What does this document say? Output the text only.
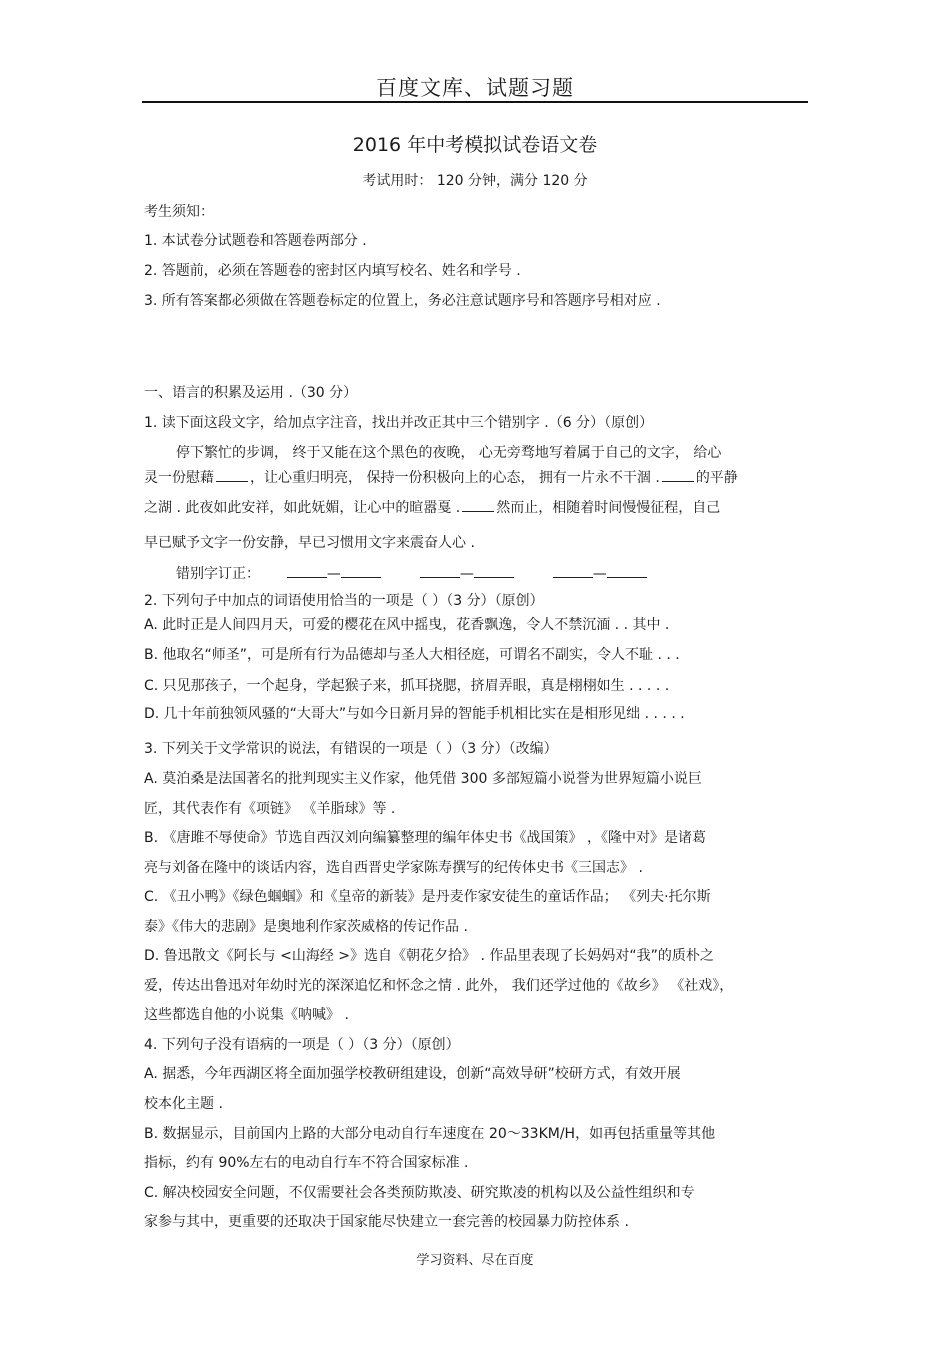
百度文库、试题习题
2016 年中考模拟试卷语文卷
考试用时： 120 分钟，满分 120 分
考生须知：
1. 本试卷分试题卷和答题卷两部分 .
2. 答题前，必须在答题卷的密封区内填写校名、姓名和学号 .
3. 所有答案都必须做在答题卷标定的位置上，务必注意试题序号和答题序号相对应 .
一、语言的积累及运用 .（30 分）
1. 读下面这段文字，给加点字注音，找出并改正其中三个错别字 .（6 分）（原创）
停下繁忙的步调， 终于又能在这个黑色的夜晚， 心无旁骛地写着属于自己的文字， 给心
灵一份慰藉	，让心重归明亮， 保持一份积极向上的心态， 拥有一片永不干涸 .	的平静
之湖 . 此夜如此安祥，如此妩媚，让心中的暄嚣戛 .	然而止，相随着时间慢慢征程，自己
早已赋予文字一份安静，早已习惯用文字来震奋人心 .
错别字订正：	—	—	—
2. 下列句子中加点的词语使用恰当的一项是（ ）（3 分）（原创）
A. 此时正是人间四月天，可爱的樱花在风中摇曳，花香飘逸，令人不禁沉湎 . . 其中 .
B. 他取名“师圣”，可是所有行为品德却与圣人大相径庭，可谓名不副实，令人不耻 . . .
C. 只见那孩子，一个起身，学起猴子来，抓耳挠腮，挤眉弄眼，真是栩栩如生 . . . . .
D. 几十年前独领风骚的“大哥大”与如今日新月异的智能手机相比实在是相形见绌 . . . . .
3. 下列关于文学常识的说法，有错误的一项是（ ）（3 分）（改编）
A. 莫泊桑是法国著名的批判现实主义作家，他凭借 300 多部短篇小说誉为世界短篇小说巨
匠，其代表作有《项链》 《羊脂球》等 .
B. 《唐雎不辱使命》节选自西汉刘向编纂整理的编年体史书《战国策》 ，《隆中对》是诸葛
亮与刘备在隆中的谈话内容，选自西晋史学家陈寿撰写的纪传体史书《三国志》 .
C. 《丑小鸭》《绿色蝈蝈》和《皇帝的新装》是丹麦作家安徒生的童话作品； 《列夫·托尔斯
泰》《伟大的悲剧》是奥地利作家茨威格的传记作品 .
D. 鲁迅散文《阿长与 <山海经 >》选自《朝花夕拾》 . 作品里表现了长妈妈对“我”的质朴之
爱，传达出鲁迅对年幼时光的深深追忆和怀念之情 . 此外， 我们还学过他的《故乡》 《社戏》，
这些都选自他的小说集《呐喊》 .
4. 下列句子没有语病的一项是（ ）（3 分）（原创）
A. 据悉，今年西湖区将全面加强学校教研组建设，创新“高效导研”校研方式，有效开展
校本化主题 .
B. 数据显示，目前国内上路的大部分电动自行车速度在 20～33KM/H，如再包括重量等其他
指标，约有 90%左右的电动自行车不符合国家标准 .
C. 解决校园安全问题，不仅需要社会各类预防欺凌、研究欺凌的机构以及公益性组织和专
家参与其中，更重要的还取决于国家能尽快建立一套完善的校园暴力防控体系 .
学习资料、尽在百度
